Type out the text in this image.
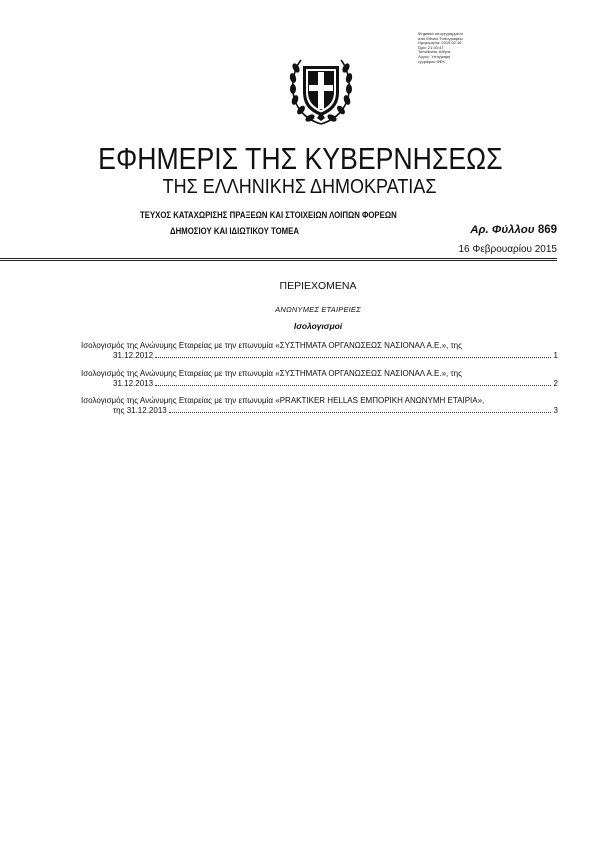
Ψηφιακά υπογεγραμμένο
από Εθνικό Τυπογραφείο
Ημερομηνία: 2015.02.16
Ώρα: 21:30:47
Τοποθεσία: Αθήνα
Λόγος: Υπογραφή
εγγράφου ΦΕΚ
ΕΦΗΜΕΡΙΣ ΤΗΣ ΚΥΒΕΡΝΗΣΕΩΣ
ΤΗΣ ΕΛΛΗΝΙΚΗΣ ΔΗΜΟΚΡΑΤΙΑΣ
ΤΕΥΧΟΣ ΚΑΤΑΧΩΡΙΣΗΣ ΠΡΑΞΕΩΝ ΚΑΙ ΣΤΟΙΧΕΙΩΝ ΛΟΙΠΩΝ ΦΟΡΕΩΝ
ΔΗΜΟΣΙΟΥ ΚΑΙ ΙΔΙΩΤΙΚΟΥ ΤΟΜΕΑ	Αρ. Φύλλου 869
16 Φεβρουαρίου 2015
ΠΕΡΙΕΧΟΜΕΝΑ
ΑΝΩΝΥΜΕΣ ΕΤΑΙΡΕΙΕΣ
Ισολογισμοί
Ισολογισμός της Ανώνυμης Εταιρείας με την επωνυμία «ΣΥΣΤΗΜΑΤΑ ΟΡΓΑΝΩΣΕΩΣ ΝΑΣΙΟΝΑΛ Α.Ε.», της
31.12.2012	1
Ισολογισμός της Ανώνυμης Εταιρείας με την επωνυμία «ΣΥΣΤΗΜΑΤΑ ΟΡΓΑΝΩΣΕΩΣ ΝΑΣΙΟΝΑΛ Α.Ε.», της
31.12.2013	2
Ισολογισμός της Ανώνυμης Εταιρείας με την επωνυμία «PRAKTIKER HELLAS ΕΜΠΟΡΙΚΗ ΑΝΩΝΥΜΗ ΕΤΑΙΡΙΑ»,
της 31.12.2013	3
